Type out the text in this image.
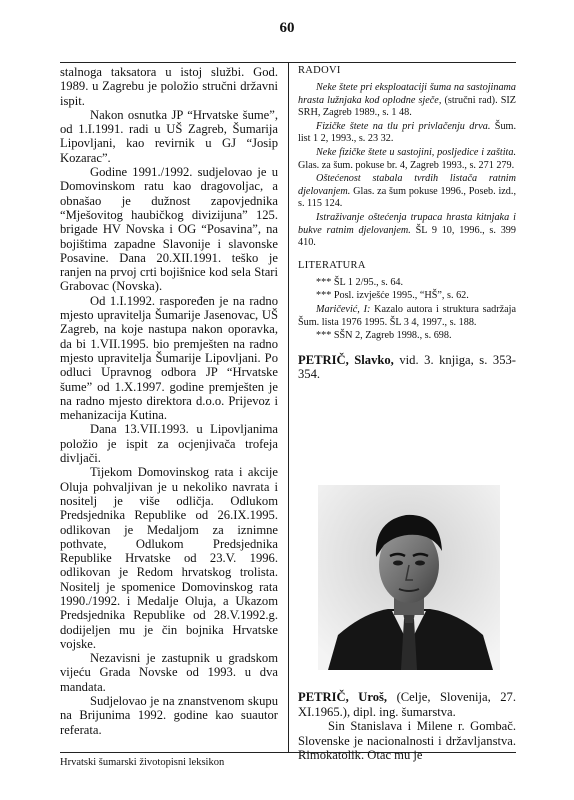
60

stalnoga taksatora u istoj službi. God. 1989. u Zagrebu je položio stručni državni ispit.

Nakon osnutka JP “Hrvatske šume”, od 1.I.1991. radi u UŠ Zagreb, Šumarija Lipovljani, kao revirnik u GJ “Josip Kozarac”.

Godine 1991./1992. sudjelovao je u Domovinskom ratu kao dragovoljac, a obnašao je dužnost zapovjednika “Mješovitog haubičkog divizijuna” 125. brigade HV Novska i OG “Posavina”, na bojištima zapadne Slavonije i slavonske Posavine. Dana 20.XII.1991. teško je ranjen na prvoj crti bojišnice kod sela Stari Grabovac (Novska).

Od 1.I.1992. raspoređen je na radno mjesto upravitelja Šumarije Jasenovac, UŠ Zagreb, na koje nastupa nakon oporavka, da bi 1.VII.1995. bio premješten na radno mjesto upravitelja Šumarije Lipovljani. Po odluci Upravnog odbora JP “Hrvatske šume” od 1.X.1997. godine premješten je na radno mjesto direktora d.o.o. Prijevoz i mehanizacija Kutina.

Dana 13.VII.1993. u Lipovljanima položio je ispit za ocjenjivača trofeja divljači.

Tijekom Domovinskog rata i akcije Oluja pohvaljivan je u nekoliko navrata i nositelj je više odličja. Odlukom Predsjednika Republike od 26.IX.1995. odlikovan je Medaljom za iznimne pothvate, Odlukom Predsjednika Republike Hrvatske od 23.V. 1996. odlikovan je Redom hrvatskog trolista. Nositelj je spomenice Domovinskog rata 1990./1992. i Medalje Oluja, a Ukazom Predsjednika Republike od 28.V.1992.g. dodijeljen mu je čin bojnika Hrvatske vojske.

Nezavisni je zastupnik u gradskom vijeću Grada Novske od 1993. u dva mandata.

Sudjelovao je na znanstvenom skupu na Brijunima 1992. godine kao suautor referata.

RADOVI

Neke štete pri eksploataciji šuma na sastojinama hrasta lužnjaka kod oplodne sječe, (stručni rad). SIZ SRH, Zagreb 1989., s. 1 48.

Fizičke štete na tlu pri privlačenju drva. Šum. list 1 2, 1993., s. 23 32.

Neke fizičke štete u sastojini, posljedice i zaštita. Glas. za šum. pokuse br. 4, Zagreb 1993., s. 271 279.

Oštećenost stabala tvrdih listača ratnim djelovanjem. Glas. za šum pokuse 1996., Poseb. izd., s. 115 124.

Istraživanje oštećenja trupaca hrasta kitnjaka i bukve ratnim djelovanjem. ŠL 9 10, 1996., s. 399 410.

LITERATURA

*** ŠL 1 2/95., s. 64.

*** Posl. izvješće 1995., “HŠ”, s. 62.

Maričević, I: Kazalo autora i struktura sadržaja Šum. lista 1976 1995. ŠL 3 4, 1997., s. 188.

*** SŠN 2, Zagreb 1998., s. 698.

PETRIČ, Slavko, vid. 3. knjiga, s. 353-354.

PETRIČ, Uroš, (Celje, Slovenija, 27. XI.1965.), dipl. ing. šumarstva.

Sin Stanislava i Milene r. Gombač. Slovenske je nacionalnosti i državljanstva. Rimokatolik. Otac mu je

Hrvatski šumarski životopisni leksikon
